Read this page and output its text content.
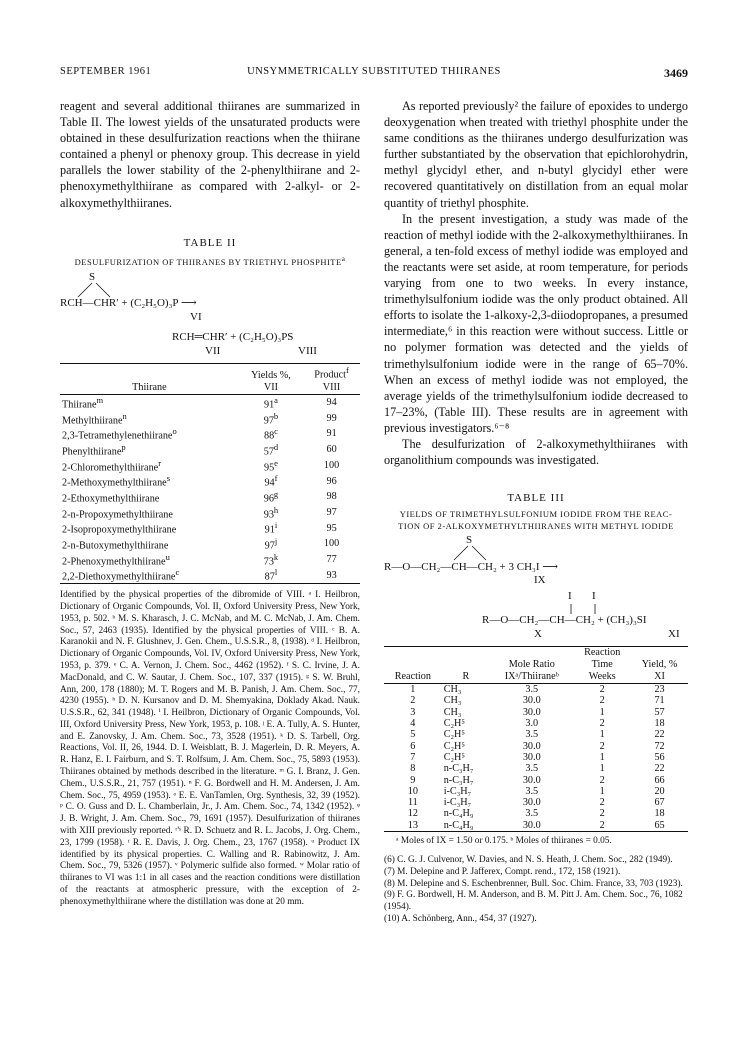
SEPTEMBER 1961	UNSYMMETRICALLY SUBSTITUTED THIIRANES	3469

reagent and several additional thiiranes are summarized in Table II. The lowest yields of the unsaturated products were obtained in these desulfurization reactions when the thiirane contained a phenyl or phenoxy group. This decrease in yield parallels the lower stability of the 2-phenylthiirane and 2-phenoxymethylthiirane as compared with 2-alkyl- or 2-alkoxymethylthiiranes.

TABLE II
DESULFURIZATION OF THIIRANES BY TRIETHYL PHOSPHITE$^a$
S
RCH—CHR′ + (C₂H₅O)₃P ⟶
VI
RCH═CHR′ + (C₂H₅O)₃PS
VII	VIII
Thiirane	Yields %,
VII	Product$^f$
VIII
Thiirane$^m$	91$^a$	94
Methylthiirane$^n$	97$^b$	99
2,3-Tetramethylenethiirane$^o$	88$^c$	91
Phenylthiirane$^p$	57$^d$	60
2-Chloromethylthiirane$^r$	95e	100
2-Methoxymethylthiirane$^s$	94$^f$	96
2-Ethoxymethylthiirane	96$^g$	98
2-n-Propoxymethylthiirane	93$^h$	97
2-Isopropoxymethylthiirane	91$^i$	95
2-n-Butoxymethylthiirane	97$^j$	100
2-Phenoxymethylthiirane$^u$	73$^k$	77
2,2-Diethoxymethylthiirane$^c$	87$^l$	93

Identified by the physical properties of the dibromide of VIII. ᵃ I. Heilbron, Dictionary of Organic Compounds, Vol. II, Oxford University Press, New York, 1953, p. 502. ᵇ M. S. Kharasch, J. C. McNab, and M. C. McNab, J. Am. Chem. Soc., 57, 2463 (1935). Identified by the physical properties of VIII. ᶜ B. A. Karanokii and N. F. Glushnev, J. Gen. Chem., U.S.S.R., 8, (1938). ᵈ I. Heilbron, Dictionary of Organic Compounds, Vol. IV, Oxford University Press, New York, 1953, p. 379. ᵉ C. A. Vernon, J. Chem. Soc., 4462 (1952). ᶠ S. C. Irvine, J. A. MacDonald, and C. W. Sautar, J. Chem. Soc., 107, 337 (1915). ᵍ S. W. Bruhl, Ann, 200, 178 (1880); M. T. Rogers and M. B. Panish, J. Am. Chem. Soc., 77, 4230 (1955). ʰ D. N. Kursanov and D. M. Shemyakina, Doklady Akad. Nauk. U.S.S.R., 62, 341 (1948). ⁱ I. Heilbron, Dictionary of Organic Compounds, Vol. III, Oxford University Press, New York, 1953, p. 108. ʲ E. A. Tully, A. S. Hunter, and E. Zanovsky, J. Am. Chem. Soc., 73, 3528 (1951). ᵏ D. S. Tarbell, Org. Reactions, Vol. II, 26, 1944. D. I. Weisblatt, B. J. Magerlein, D. R. Meyers, A. R. Hanz, E. I. Fairburn, and S. T. Rolfsum, J. Am. Chem. Soc., 75, 5893 (1953). Thiiranes obtained by methods described in the literature. ᵐ G. I. Branz, J. Gen. Chem., U.S.S.R., 21, 757 (1951). ⁿ F. G. Bordwell and H. M. Andersen, J. Am. Chem. Soc., 75, 4959 (1953). ᵒ E. E. VanTamlen, Org. Synthesis, 32, 39 (1952). ᵖ C. O. Guss and D. L. Chamberlain, Jr., J. Am. Chem. Soc., 74, 1342 (1952). ᵠ J. B. Wright, J. Am. Chem. Soc., 79, 1691 (1957). Desulfurization of thiiranes with XIII previously reported. ʳ'ˢ R. D. Schuetz and R. L. Jacobs, J. Org. Chem., 23, 1799 (1958). ᵗ R. E. Davis, J. Org. Chem., 23, 1767 (1958). ᵘ Product IX identified by its physical properties. C. Walling and R. Rabinowitz, J. Am. Chem. Soc., 79, 5326 (1957). ᵛ Polymeric sulfide also formed. ʷ Molar ratio of thiiranes to VI was 1:1 in all cases and the reaction conditions were distillation of the reactants at atmospheric pressure, with the exception of 2-phenoxymethylthiirane where the distillation was done at 20 mm.

As reported previously² the failure of epoxides to undergo deoxygenation when treated with triethyl phosphite under the same conditions as the thiiranes undergo desulfurization was further substantiated by the observation that epichlorohydrin, methyl glycidyl ether, and n-butyl glycidyl ether were recovered quantitatively on distillation from an equal molar quantity of triethyl phosphite.

In the present investigation, a study was made of the reaction of methyl iodide with the 2-alkoxymethylthiiranes. In general, a ten-fold excess of methyl iodide was employed and the reactants were set aside, at room temperature, for periods varying from one to two weeks. In every instance, trimethylsulfonium iodide was the only product obtained. All efforts to isolate the 1-alkoxy-2,3-diiodopropanes, a presumed intermediate,⁶ in this reaction were without success. Little or no polymer formation was detected and the yields of trimethylsulfonium iodide were in the range of 65–70%. When an excess of methyl iodide was not employed, the average yields of the trimethylsulfonium iodide decreased to 17–23%, (Table III). These results are in agreement with previous investigators.⁶⁻⁸

The desulfurization of 2-alkoxymethylthiiranes with organolithium compounds was investigated.

TABLE III
YIELDS OF TRIMETHYLSULFONIUM IODIDE FROM THE REAC-
TION OF 2-ALKOXYMETHYLTHIIRANES WITH METHYL IODIDE
S
R—O—CH₂—CH—CH₂ + 3 CH₃I ⟶
IX
I I
R—O—CH₂—CH—CH₂ + (CH₃)₃SI
X	XI

Reaction	R	Mole Ratio
IXᵃ/Thiiraneᵇ	Reaction
Time
Weeks	Yield, %
XI
1	CH₃	3.5	2	23
2	CH₃	30.0	2	71
3	CH₃	30.0	1	57
4	C₂H⁵	3.0	2	18
5	C₂H⁵	3.5	1	22
6	C₂H⁵	30.0	2	72
7	C₂H⁵	30.0	1	56
8	n-C₃H₇	3.5	1	22
9	n-C₃H₇	30.0	2	66
10	i-C₃H₇	3.5	1	20
11	i-C₃H₇	30.0	2	67
12	n-C₄H₉	3.5	2	18
13	n-C₄H₉	30.0	2	65
ᵃ Moles of IX = 1.50 or 0.175. ᵇ Moles of thiiranes = 0.05.
(6) C. G. J. Culvenor, W. Davies, and N. S. Heath, J. Chem. Soc., 282 (1949).
(7) M. Delepine and P. Jafferex, Compt. rend., 172, 158 (1921).
(8) M. Delepine and S. Eschenbrenner, Bull. Soc. Chim. France, 33, 703 (1923).
(9) F. G. Bordwell, H. M. Anderson, and B. M. Pitt J. Am. Chem. Soc., 76, 1082 (1954).
(10) A. Schönberg, Ann., 454, 37 (1927).
